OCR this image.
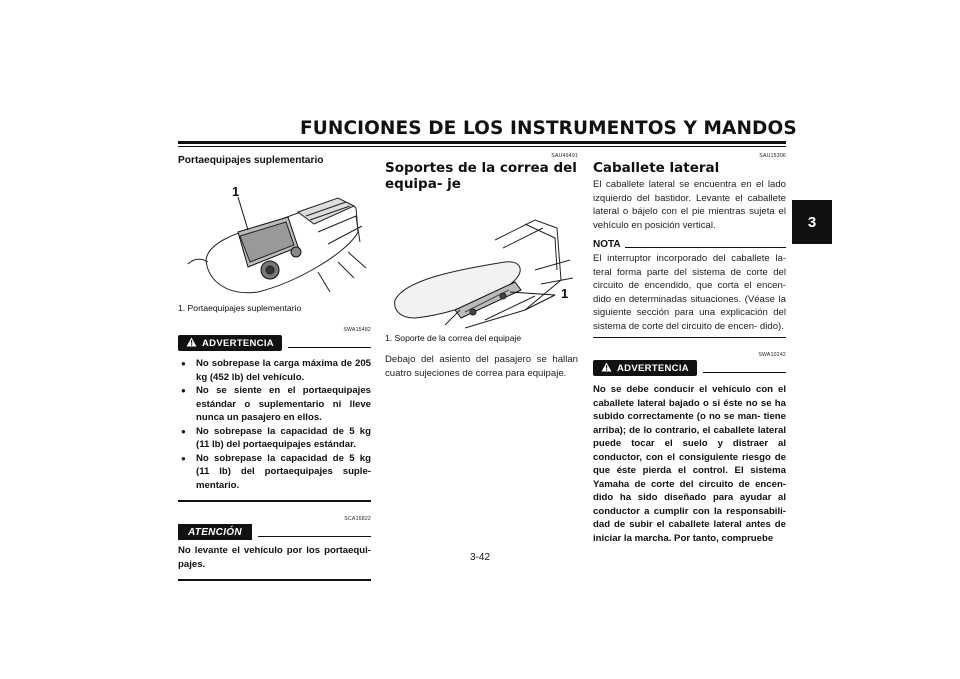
FUNCIONES DE LOS INSTRUMENTOS Y MANDOS
3
Portaequipajes suplementario
1
1. Portaequipajes suplementario
SWA15482
ADVERTENCIA
● No sobrepase la carga máxima de 205 kg (452 lb) del vehículo.
● No se siente en el portaequipajes estándar o suplementario ni lleve nunca un pasajero en ellos.
● No sobrepase la capacidad de 5 kg (11 lb) del portaequipajes estándar.
● No sobrepase la capacidad de 5 kg (11 lb) del portaequipajes suple- mentario.
SCA16822
ATENCIÓN
No levante el vehículo por los portaequi- pajes.
SAU49491
Soportes de la correa del equipa- je
1
1. Soporte de la correa del equipaje
Debajo del asiento del pasajero se hallan cuatro sujeciones de correa para equipaje.
SAU15306
Caballete lateral
El caballete lateral se encuentra en el lado izquierdo del bastidor. Levante el caballete lateral o bájelo con el pie mientras sujeta el vehículo en posición vertical.
NOTA
El interruptor incorporado del caballete la- teral forma parte del sistema de corte del circuito de encendido, que corta el encen- dido en determinadas situaciones. (Véase la siguiente sección para una explicación del sistema de corte del circuito de encen- dido).
SWA10242
ADVERTENCIA
No se debe conducir el vehículo con el caballete lateral bajado o si éste no se ha subido correctamente (o no se man- tiene arriba); de lo contrario, el caballete lateral puede tocar el suelo y distraer al conductor, con el consiguiente riesgo de que éste pierda el control. El sistema Yamaha de corte del circuito de encen- dido ha sido diseñado para ayudar al conductor a cumplir con la responsabili- dad de subir el caballete lateral antes de iniciar la marcha. Por tanto, compruebe
3-42
